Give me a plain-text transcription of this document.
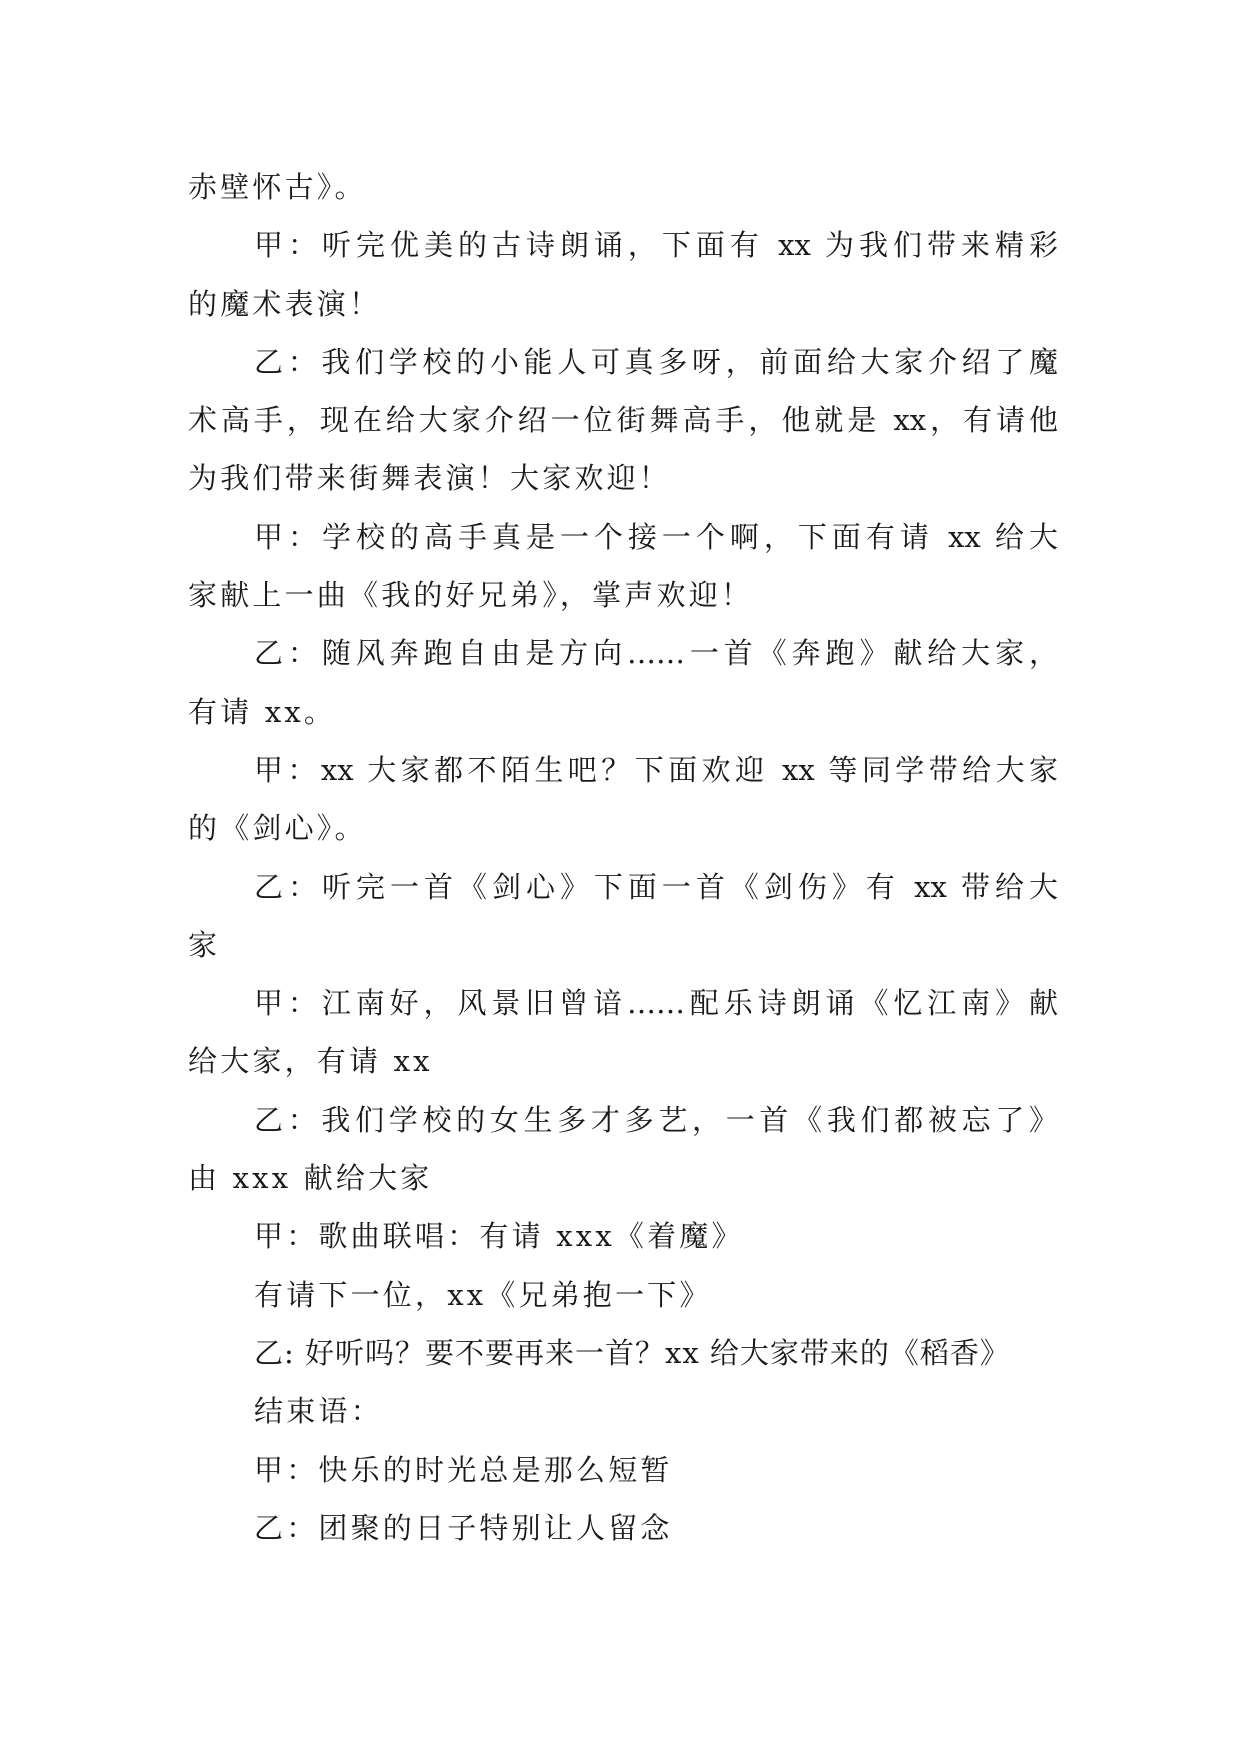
赤壁怀古》。
甲：听完优美的古诗朗诵，下面有 xx 为我们带来精彩
的魔术表演！
乙：我们学校的小能人可真多呀，前面给大家介绍了魔
术高手，现在给大家介绍一位街舞高手，他就是 xx，有请他
为我们带来街舞表演！大家欢迎！
甲：学校的高手真是一个接一个啊，下面有请 xx 给大
家献上一曲《我的好兄弟》，掌声欢迎！
乙：随风奔跑自由是方向……一首《奔跑》献给大家，
有请 xx。
甲：xx 大家都不陌生吧？下面欢迎 xx 等同学带给大家
的《剑心》。
乙：听完一首《剑心》下面一首《剑伤》有 xx 带给大
家
甲：江南好，风景旧曾谙……配乐诗朗诵《忆江南》献
给大家，有请 xx
乙：我们学校的女生多才多艺，一首《我们都被忘了》
由 xxx 献给大家
甲：歌曲联唱：有请 xxx《着魔》
有请下一位，xx《兄弟抱一下》
乙: 好听吗？要不要再来一首？xx 给大家带来的《稻香》
结束语：
甲：快乐的时光总是那么短暂
乙：团聚的日子特别让人留念
